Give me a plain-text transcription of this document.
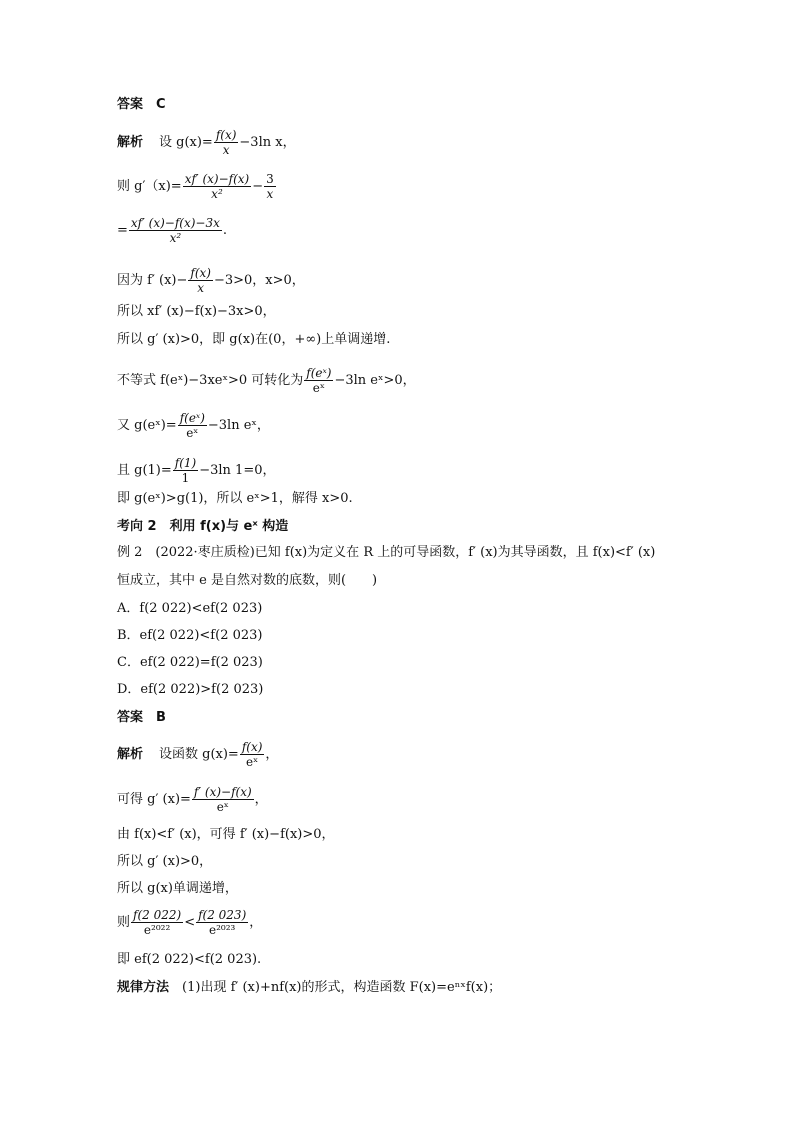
答案　C
解析 设 $g(x)= \frac{f(x)}{x} -3\ln$ x，
则 $g'(x)= \frac{xf' (x)-f(x)}{\text{x²}} - \frac{3}{x}$
= $\frac{xf' (x)-f(x)-3x}{\text{x²}}$ .
因为 f′ $(x)- \frac{f(x)}{x} -3>0$，x>0，
所以 xf′ (x)−f(x)−3x>0，
所以 g′ (x)>0，即 g(x)在(0，+∞)上单调递增.
不等式 f(eˣ)−3xeˣ>0 可转化为 $\frac{\text{f(eˣ)}}{\text{eˣ}} -3\ln$ eˣ>0，
又 g(eˣ)= $\frac{\text{f(eˣ)}}{\text{eˣ}} -3\ln$ eˣ，
且 $g(1)= \frac{f(1)}{1} -3\ln$ 1=0，
即 g(eˣ)>g(1)，所以 eˣ>1，解得 x>0.
考向 2　利用 f(x)与 eˣ 构造
例 2　(2022·枣庄质检)已知 f(x)为定义在 R 上的可导函数，f′ (x)为其导函数，且 f(x)<f′ (x)
恒成立，其中 e 是自然对数的底数，则(　　)
A．f(2 022)<ef(2 023)
B．ef(2 022)<f(2 023)
C．ef(2 022)=f(2 023)
D．ef(2 022)>f(2 023)
答案　B
解析 设函数 $g(x)= \frac{f(x)}{\text{eˣ}}$ ，
可得 g′ $(x)= \frac{f' (x)-f(x)}{\text{eˣ}}$ ，
由 f(x)<f′ (x)，可得 f′ (x)−f(x)>0，
所以 g′ (x)>0，
所以 g(x)单调递增，
则 $\frac{f(2 022)}{\text{e²⁰²²}} < \frac{f(2 023)}{\text{e²⁰²³}}$ ，
即 ef(2 022)<f(2 023).
规律方法　 (1)出现 f′ (x)+nf(x)的形式，构造函数 F(x)=eⁿˣf(x)；
